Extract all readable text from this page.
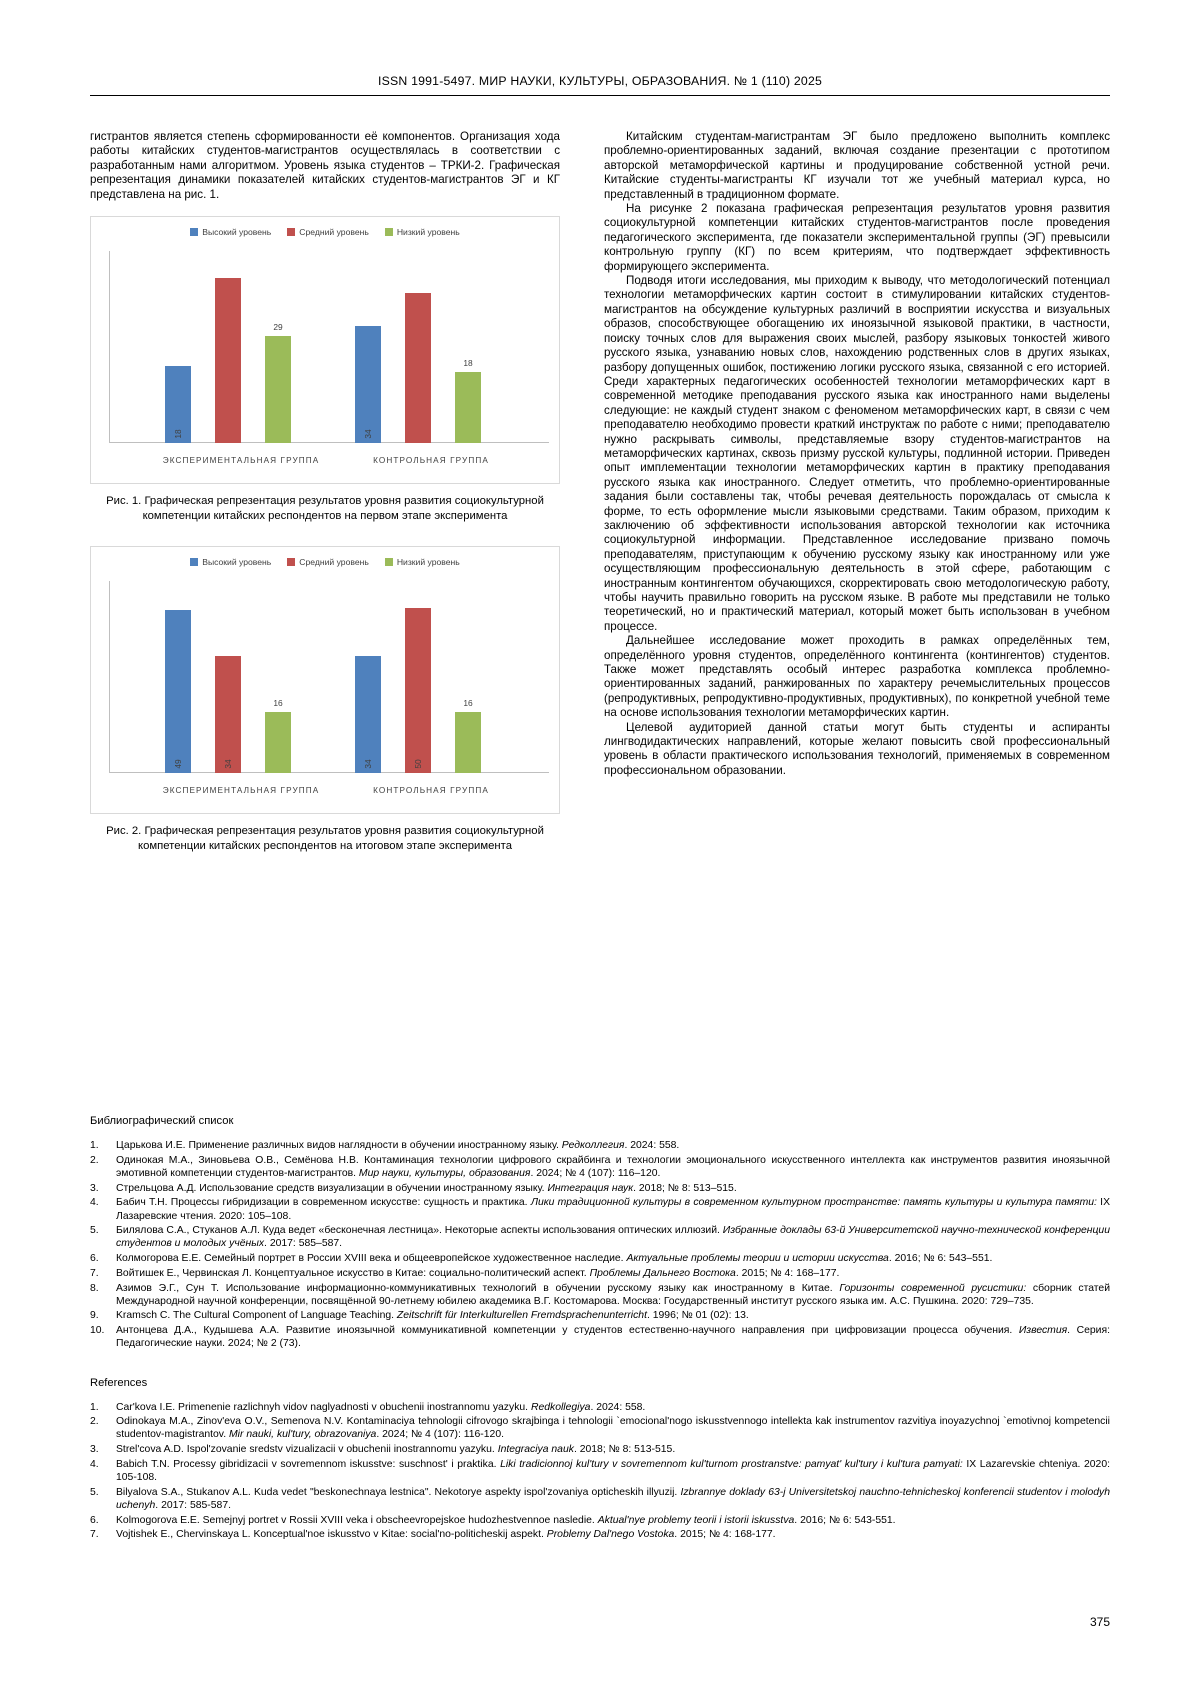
ISSN 1991-5497. МИР НАУКИ, КУЛЬТУРЫ, ОБРАЗОВАНИЯ. № 1 (110) 2025

гистрантов является степень сформированности её компонентов. Организация хода работы китайских студентов-магистрантов осуществлялась в соответствии с разработанным нами алгоритмом. Уровень языка студентов – ТРКИ-2. Графическая репрезентация динамики показателей китайских студентов-магистрантов ЭГ и КГ представлена на рис. 1.

Высокий уровень	Средний уровень	Низкий уровень
18
29
34
18
ЭКСПЕРИМЕНТАЛЬНАЯ ГРУППА	КОНТРОЛЬНАЯ ГРУППА
Рис. 1. Графическая репрезентация результатов уровня развития социокультурной компетенции китайских респондентов на первом этапе эксперимента
Высокий уровень	Средний уровень	Низкий уровень
49	34
16
34	50
16
ЭКСПЕРИМЕНТАЛЬНАЯ ГРУППА	КОНТРОЛЬНАЯ ГРУППА
Рис. 2. Графическая репрезентация результатов уровня развития социокультурной компетенции китайских респондентов на итоговом этапе эксперимента

Китайским студентам-магистрантам ЭГ было предложено выполнить комплекс проблемно-ориентированных заданий, включая создание презентации с прототипом авторской метаморфической картины и продуцирование собственной устной речи. Китайские студенты-магистранты КГ изучали тот же учебный материал курса, но представленный в традиционном формате.

На рисунке 2 показана графическая репрезентация результатов уровня развития социокультурной компетенции китайских студентов-магистрантов после проведения педагогического эксперимента, где показатели экспериментальной группы (ЭГ) превысили контрольную группу (КГ) по всем критериям, что подтверждает эффективность формирующего эксперимента.

Подводя итоги исследования, мы приходим к выводу, что методологический потенциал технологии метаморфических картин состоит в стимулировании китайских студентов-магистрантов на обсуждение культурных различий в восприятии искусства и визуальных образов, способствующее обогащению их иноязычной языковой практики, в частности, поиску точных слов для выражения своих мыслей, разбору языковых тонкостей живого русского языка, узнаванию новых слов, нахождению родственных слов в других языках, разбору допущенных ошибок, постижению логики русского языка, связанной с его историей. Среди характерных педагогических особенностей технологии метаморфических карт в современной методике преподавания русского языка как иностранного нами выделены следующие: не каждый студент знаком с феноменом метаморфических карт, в связи с чем преподавателю необходимо провести краткий инструктаж по работе с ними; преподавателю нужно раскрывать символы, представляемые взору студентов-магистрантов на метаморфических картинах, сквозь призму русской культуры, подлинной истории. Приведен опыт имплементации технологии метаморфических картин в практику преподавания русского языка как иностранного. Следует отметить, что проблемно-ориентированные задания были составлены так, чтобы речевая деятельность порождалась от смысла к форме, то есть оформление мысли языковыми средствами. Таким образом, приходим к заключению об эффективности использования авторской технологии как источника социокультурной информации. Представленное исследование призвано помочь преподавателям, приступающим к обучению русскому языку как иностранному или уже осуществляющим профессиональную деятельность в этой сфере, работающим с иностранным контингентом обучающихся, скорректировать свою методологическую работу, чтобы научить правильно говорить на русском языке. В работе мы представили не только теоретический, но и практический материал, который может быть использован в учебном процессе.

Дальнейшее исследование может проходить в рамках определённых тем, определённого уровня студентов, определённого контингента (контингентов) студентов. Также может представлять особый интерес разработка комплекса проблемно-ориентированных заданий, ранжированных по характеру речемыслительных процессов (репродуктивных, репродуктивно-продуктивных, продуктивных), по конкретной учебной теме на основе использования технологии метаморфических картин.

Целевой аудиторией данной статьи могут быть студенты и аспиранты лингводидактических направлений, которые желают повысить свой профессиональный уровень в области практического использования технологий, применяемых в современном профессиональном образовании.

Библиографический список
1.	Царькова И.Е. Применение различных видов наглядности в обучении иностранному языку. Редколлегия. 2024: 558.
2.	Одинокая М.А., Зиновьева О.В., Семёнова Н.В. Контаминация технологии цифрового скрайбинга и технологии эмоционального искусственного интеллекта как инструментов развития иноязычной эмотивной компетенции студентов-магистрантов. Мир науки, культуры, образования. 2024; № 4 (107): 116–120.
3.	Стрельцова А.Д. Использование средств визуализации в обучении иностранному языку. Интеграция наук. 2018; № 8: 513–515.
4.	Бабич Т.Н. Процессы гибридизации в современном искусстве: сущность и практика. Лики традиционной культуры в современном культурном пространстве: память культуры и культура памяти: IX Лазаревские чтения. 2020: 105–108.
5.	Билялова С.А., Стуканов А.Л. Куда ведет «бесконечная лестница». Некоторые аспекты использования оптических иллюзий. Избранные доклады 63-й Университетской научно-технической конференции студентов и молодых учёных. 2017: 585–587.
6.	Колмогорова Е.Е. Семейный портрет в России XVIII века и общеевропейское художественное наследие. Актуальные проблемы теории и истории искусства. 2016; № 6: 543–551.
7.	Войтишек Е., Червинская Л. Концептуальное искусство в Китае: социально-политический аспект. Проблемы Дальнего Востока. 2015; № 4: 168–177.
8.	Азимов Э.Г., Сун Т. Использование информационно-коммуникативных технологий в обучении русскому языку как иностранному в Китае. Горизонты современной русистики: сборник статей Международной научной конференции, посвящённой 90-летнему юбилею академика В.Г. Костомарова. Москва: Государственный институт русского языка им. А.С. Пушкина. 2020: 729–735.
9.	Kramsch C. The Cultural Component of Language Teaching. Zeitschrift für Interkulturellen Fremdsprachenunterricht. 1996; № 01 (02): 13.
10.	Антонцева Д.А., Кудышева А.А. Развитие иноязычной коммуникативной компетенции у студентов естественно-научного направления при цифровизации процесса обучения. Известия. Серия: Педагогические науки. 2024; № 2 (73).
References
1.	Car'kova I.E. Primenenie razlichnyh vidov naglyadnosti v obuchenii inostrannomu yazyku. Redkollegiya. 2024: 558.
2.	Odinokaya M.A., Zinov'eva O.V., Semenova N.V. Kontaminaciya tehnologii cifrovogo skrajbinga i tehnologii `emocional'nogo iskusstvennogo intellekta kak instrumentov razvitiya inoyazychnoj `emotivnoj kompetencii studentov-magistrantov. Mir nauki, kul'tury, obrazovaniya. 2024; № 4 (107): 116-120.
3.	Strel'cova A.D. Ispol'zovanie sredstv vizualizacii v obuchenii inostrannomu yazyku. Integraciya nauk. 2018; № 8: 513-515.
4.	Babich T.N. Processy gibridizacii v sovremennom iskusstve: suschnost' i praktika. Liki tradicionnoj kul'tury v sovremennom kul'turnom prostranstve: pamyat' kul'tury i kul'tura pamyati: IX Lazarevskie chteniya. 2020: 105-108.
5.	Bilyalova S.A., Stukanov A.L. Kuda vedet "beskonechnaya lestnica". Nekotorye aspekty ispol'zovaniya opticheskih illyuzij. Izbrannye doklady 63-j Universitetskoj nauchno-tehnicheskoj konferencii studentov i molodyh uchenyh. 2017: 585-587.
6.	Kolmogorova E.E. Semejnyj portret v Rossii XVIII veka i obscheevropejskoe hudozhestvennoe nasledie. Aktual'nye problemy teorii i istorii iskusstva. 2016; № 6: 543-551.
7.	Vojtishek E., Chervinskaya L. Konceptual'noe iskusstvo v Kitae: social'no-politicheskij aspekt. Problemy Dal'nego Vostoka. 2015; № 4: 168-177.
375
